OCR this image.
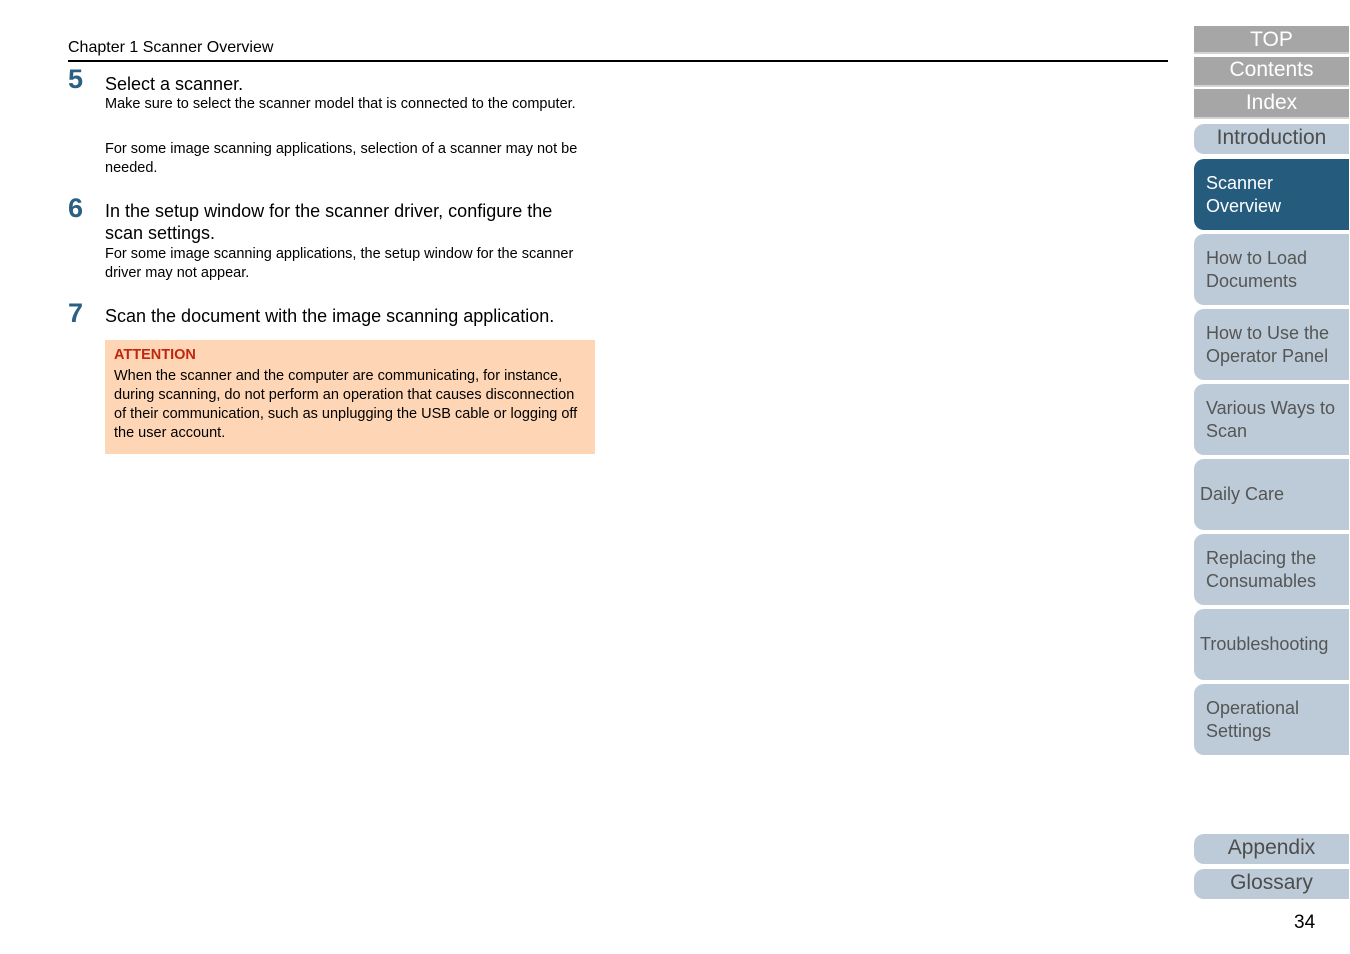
Chapter 1 Scanner Overview
5 Select a scanner.
Make sure to select the scanner model that is connected to the computer.
For some image scanning applications, selection of a scanner may not be needed.
6 In the setup window for the scanner driver, configure the scan settings.
For some image scanning applications, the setup window for the scanner driver may not appear.
7 Scan the document with the image scanning application.
ATTENTION
When the scanner and the computer are communicating, for instance, during scanning, do not perform an operation that causes disconnection of their communication, such as unplugging the USB cable or logging off the user account.
TOP
Contents
Index
Introduction
Scanner Overview
How to Load Documents
How to Use the Operator Panel
Various Ways to Scan
Daily Care
Replacing the Consumables
Troubleshooting
Operational Settings
Appendix
Glossary
34
